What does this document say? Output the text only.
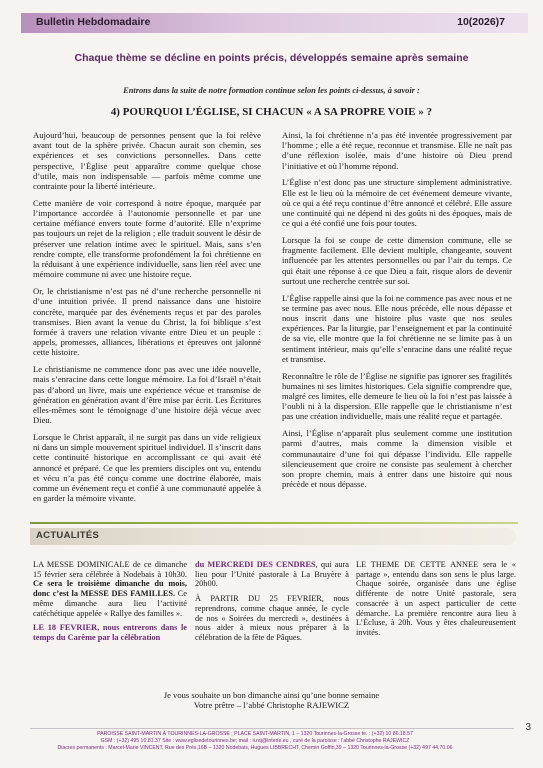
Bulletin Hebdomadaire	10(2026)7
Chaque thème se décline en points précis, développés semaine après semaine
Entrons dans la suite de notre formation continue selon les points ci-dessus, à savoir :
4) POURQUOI L’ÉGLISE, SI CHACUN « A SA PROPRE VOIE » ?

Aujourd’hui, beaucoup de personnes pensent que la foi relève avant tout de la sphère privée. Chacun aurait son chemin, ses expériences et ses convictions personnelles. Dans cette perspective, l’Église peut apparaître comme quelque chose d’utile, mais non indispensable — parfois même comme une contrainte pour la liberté intérieure.

Cette manière de voir correspond à notre époque, marquée par l’importance accordée à l’autonomie personnelle et par une certaine méfiance envers toute forme d’autorité. Elle n’exprime pas toujours un rejet de la religion ; elle traduit souvent le désir de préserver une relation intime avec le spirituel. Mais, sans s’en rendre compte, elle transforme profondément la foi chrétienne en la réduisant à une expérience individuelle, sans lien réel avec une mémoire commune ni avec une histoire reçue.

Or, le christianisme n’est pas né d’une recherche personnelle ni d’une intuition privée. Il prend naissance dans une histoire concrète, marquée par des événements reçus et par des paroles transmises. Bien avant la venue du Christ, la foi biblique s’est formée à travers une relation vivante entre Dieu et un peuple : appels, promesses, alliances, libérations et épreuves ont jalonné cette histoire.

Le christianisme ne commence donc pas avec une idée nouvelle, mais s’enracine dans cette longue mémoire. La foi d’Israël n’était pas d’abord un livre, mais une expérience vécue et transmise de génération en génération avant d’être mise par écrit. Les Écritures elles-mêmes sont le témoignage d’une histoire déjà vécue avec Dieu.

Lorsque le Christ apparaît, il ne surgit pas dans un vide religieux ni dans un simple mouvement spirituel individuel. Il s’inscrit dans cette continuité historique en accomplissant ce qui avait été annoncé et préparé. Ce que les premiers disciples ont vu, entendu et vécu n’a pas été conçu comme une doctrine élaborée, mais comme un événement reçu et confié à une communauté appelée à en garder la mémoire vivante.

Ainsi, la foi chrétienne n’a pas été inventée progressivement par l’homme ; elle a été reçue, reconnue et transmise. Elle ne naît pas d’une réflexion isolée, mais d’une histoire où Dieu prend l’initiative et où l’homme répond.

L’Église n’est donc pas une structure simplement administrative. Elle est le lieu où la mémoire de cet événement demeure vivante, où ce qui a été reçu continue d’être annoncé et célébré. Elle assure une continuité qui ne dépend ni des goûts ni des époques, mais de ce qui a été confié une fois pour toutes.

Lorsque la foi se coupe de cette dimension commune, elle se fragmente facilement. Elle devient multiple, changeante, souvent influencée par les attentes personnelles ou par l’air du temps. Ce qui était une réponse à ce que Dieu a fait, risque alors de devenir surtout une recherche centrée sur soi.

L’Église rappelle ainsi que la foi ne commence pas avec nous et ne se termine pas avec nous. Elle nous précède, elle nous dépasse et nous inscrit dans une histoire plus vaste que nos seules expériences. Par la liturgie, par l’enseignement et par la continuité de sa vie, elle montre que la foi chrétienne ne se limite pas à un sentiment intérieur, mais qu’elle s’enracine dans une réalité reçue et transmise.

Reconnaître le rôle de l’Église ne signifie pas ignorer ses fragilités humaines ni ses limites historiques. Cela signifie comprendre que, malgré ces limites, elle demeure le lieu où la foi n’est pas laissée à l’oubli ni à la dispersion. Elle rappelle que le christianisme n’est pas une création individuelle, mais une réalité reçue et partagée.

Ainsi, l’Église n’apparaît plus seulement comme une institution parmi d’autres, mais comme la dimension visible et communautaire d’une foi qui dépasse l’individu. Elle rappelle silencieusement que croire ne consiste pas seulement à chercher son propre chemin, mais à entrer dans une histoire qui nous précède et nous dépasse.

ACTUALITÉS

LA MESSE DOMINICALE de ce dimanche 15 février sera célébrée à Nodebais à 10h30. Ce sera le troisième dimanche du mois, donc c’est la MESSE DES FAMILLES. Ce même dimanche aura lieu l’activité catéchétique appelée « Rallye des familles ».

LE 18 FEVRIER, nous entrerons dans le temps du Carême par la célébration

du MERCREDI DES CENDRES, qui aura lieu pour l’Unité pastorale à La Bruyère à 20h00.

À PARTIR DU 25 FEVRIER, nous reprendrons, comme chaque année, le cycle de nos « Soirées du mercredi », destinées à nous aider à mieux nous préparer à la célébration de la fête de Pâques.

LE THEME DE CETTE ANNEE sera le « partage », entendu dans son sens le plus large. Chaque soirée, organisée dans une église différente de notre Unité pastorale, sera consacrée à un aspect particulier de cette démarche. La première rencontre aura lieu à L’Écluse, à 20h. Vous y êtes chaleureusement invités.

Je vous souhaite un bon dimanche ainsi qu’une bonne semaine
Votre prêtre – l’abbé Christophe RAJEWICZ
PAROISSE SAINT-MARTIN À TOURINNES-LA-GROSSE ; PLACE SAINT-MARTIN, 1 – 1320 Tourinnes-la-Grosse te. : (+32) 10 86.18.57
GSM : (+32) 495 10.81.37 Site : www.eglisedetourinnes.be; mail : ii.raj@interie.eu , curé de la paroisse : l’abbé Christophe RAJEWICZ
Diacres permanents : Marcel-Marie VINCENT, Rue des Prés,16B – 1320 Nodebais, Hugues LIBBRECHT, Chemin Goffin,39 – 1320 Tourinnes-la-Grosse (+32) 497 44.70.06
3
